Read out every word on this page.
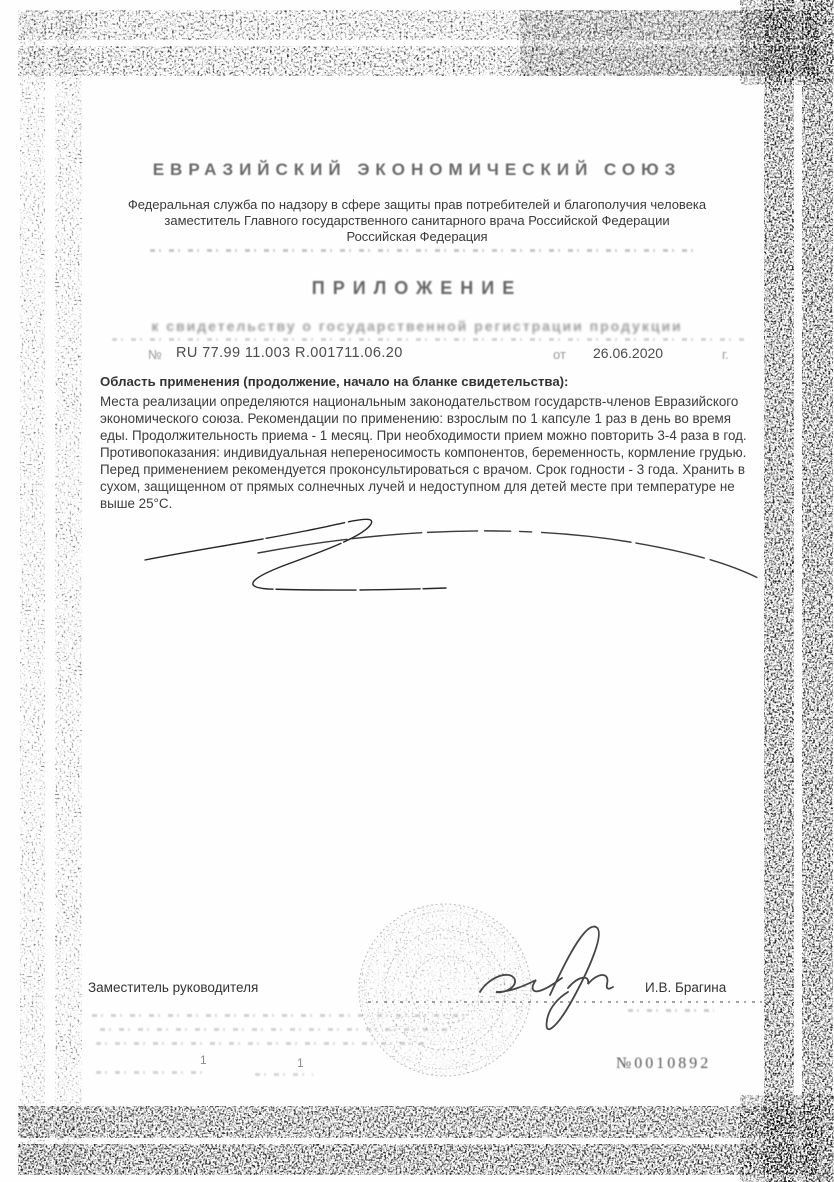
ЕВРАЗИЙСКИЙ ЭКОНОМИЧЕСКИЙ СОЮЗ
Федеральная служба по надзору в сфере защиты прав потребителей и благополучия человека
заместитель Главного государственного санитарного врача Российской Федерации
Российская Федерация
ПРИЛОЖЕНИЕ
к свидетельству о государственной регистрации продукции
№ RU 77.99 11.003 R.001711.06.20	от 26.06.2020	г.
Область применения (продолжение, начало на бланке свидетельства):
Места реализации определяются национальным законодательством государств-членов Евразийского экономического союза. Рекомендации по применению: взрослым по 1 капсуле 1 раз в день во время еды. Продолжительность приема - 1 месяц. При необходимости прием можно повторить 3-4 раза в год. Противопоказания: индивидуальная непереносимость компонентов, беременность, кормление грудью. Перед применением рекомендуется проконсультироваться с врачом. Срок годности - 3 года. Хранить в сухом, защищенном от прямых солнечных лучей и недоступном для детей месте при температуре не выше 25°С.
Заместитель руководителя	И.В. Брагина
1	1	№0010892
